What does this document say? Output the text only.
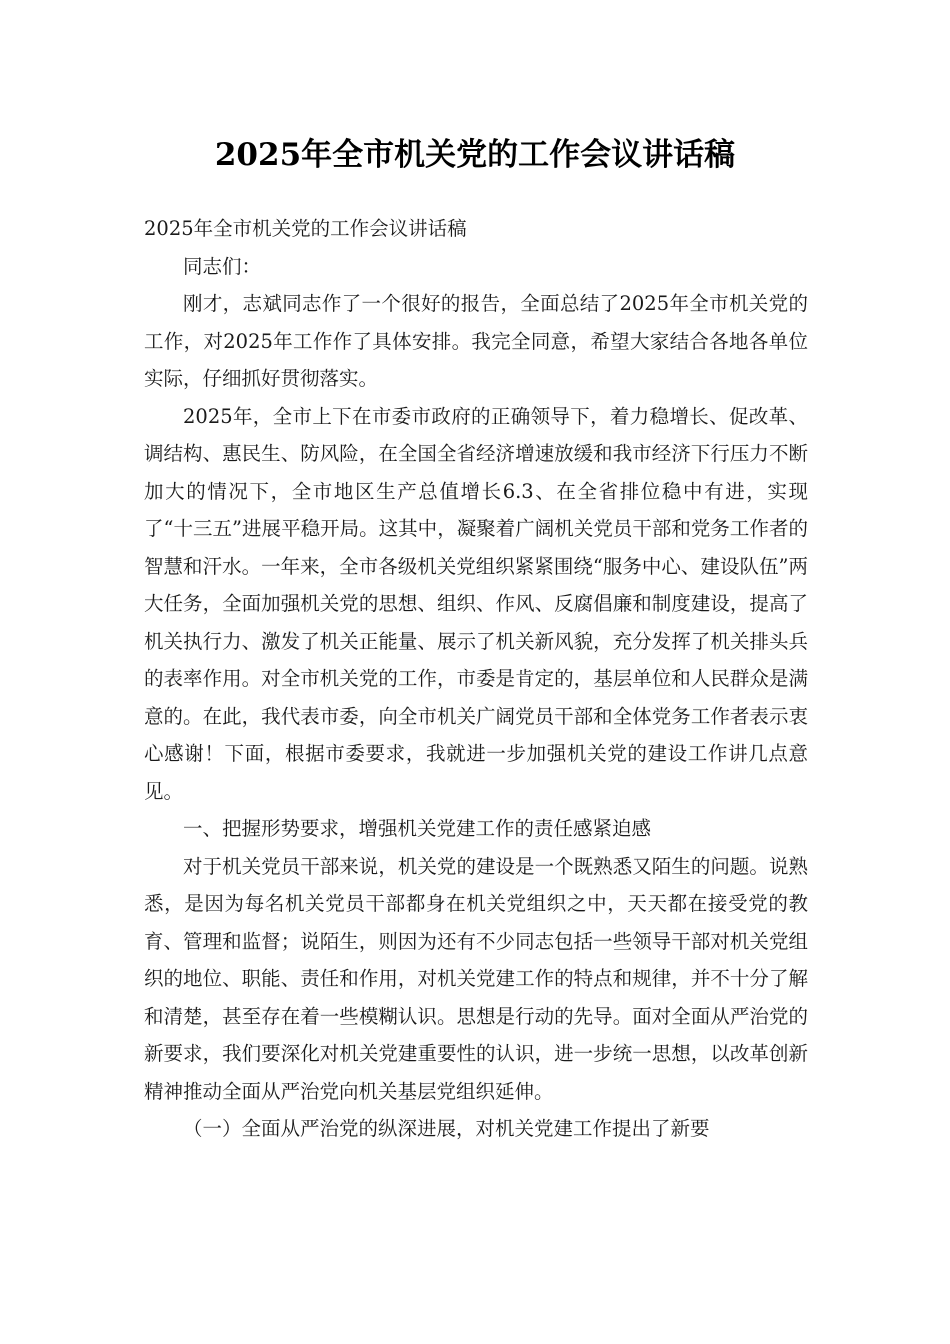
2025年全市机关党的工作会议讲话稿

2025年全市机关党的工作会议讲话稿

同志们：

刚才，志斌同志作了一个很好的报告，全面总结了2025年全市机关党的工作，对2025年工作作了具体安排。我完全同意，希望大家结合各地各单位实际，仔细抓好贯彻落实。

2025年，全市上下在市委市政府的正确领导下，着力稳增长、促改革、调结构、惠民生、防风险，在全国全省经济增速放缓和我市经济下行压力不断加大的情况下，全市地区生产总值增长6.3、在全省排位稳中有进，实现了“十三五”进展平稳开局。这其中，凝聚着广阔机关党员干部和党务工作者的智慧和汗水。一年来，全市各级机关党组织紧紧围绕“服务中心、建设队伍”两大任务，全面加强机关党的思想、组织、作风、反腐倡廉和制度建设，提高了机关执行力、激发了机关正能量、展示了机关新风貌，充分发挥了机关排头兵的表率作用。对全市机关党的工作，市委是肯定的，基层单位和人民群众是满意的。在此，我代表市委，向全市机关广阔党员干部和全体党务工作者表示衷心感谢！下面，根据市委要求，我就进一步加强机关党的建设工作讲几点意见。

一、把握形势要求，增强机关党建工作的责任感紧迫感

对于机关党员干部来说，机关党的建设是一个既熟悉又陌生的问题。说熟悉，是因为每名机关党员干部都身在机关党组织之中，天天都在接受党的教育、管理和监督；说陌生，则因为还有不少同志包括一些领导干部对机关党组织的地位、职能、责任和作用，对机关党建工作的特点和规律，并不十分了解和清楚，甚至存在着一些模糊认识。思想是行动的先导。面对全面从严治党的新要求，我们要深化对机关党建重要性的认识，进一步统一思想，以改革创新精神推动全面从严治党向机关基层党组织延伸。

（一）全面从严治党的纵深进展，对机关党建工作提出了新要
